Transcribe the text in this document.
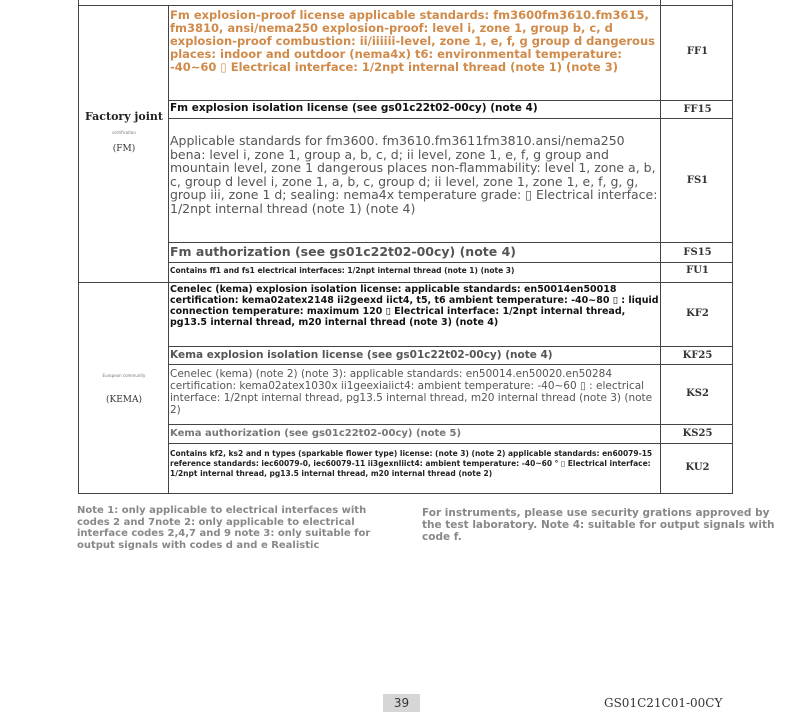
Factory joint
certification
(FM)
European community
(KEMA)
Fm explosion-proof license applicable standards: fm3600fm3610.fm3615, fm3810, ansi/nema250 explosion-proof: level i, zone 1, group b, c, d explosion-proof combustion: ii/iiiiii-level, zone 1, e, f, g group d dangerous places: indoor and outdoor (nema4x) t6: environmental temperature: -40~60 ▯ Electrical interface: 1/2npt internal thread (note 1) (note 3)
FF1
Fm explosion isolation license (see gs01c22t02-00cy) (note 4)	FF15
Applicable standards for fm3600. fm3610.fm3611fm3810.ansi/nema250 bena: level i, zone 1, group a, b, c, d; ii level, zone 1, e, f, g group and mountain level, zone 1 dangerous places non-flammability: level 1, zone a, b, c, group d level i, zone 1, a, b, c, group d; ii level, zone 1, zone 1, e, f, g, g, group iii, zone 1 d; sealing: nema4x temperature grade: ▯ Electrical interface: 1/2npt internal thread (note 1) (note 4)
FS1
Fm authorization (see gs01c22t02-00cy) (note 4)	FS15
Contains ff1 and fs1 electrical interfaces: 1/2npt internal thread (note 1) (note 3)	FU1
Cenelec (kema) explosion isolation license: applicable standards: en50014en50018 certification: kema02atex2148 ii2geexd iict4, t5, t6 ambient temperature: -40~80 ▯ : liquid connection temperature: maximum 120 ▯ Electrical interface: 1/2npt internal thread, pg13.5 internal thread, m20 internal thread (note 3) (note 4)
KF2
Kema explosion isolation license (see gs01c22t02-00cy) (note 4)	KF25
Cenelec (kema) (note 2) (note 3): applicable standards: en50014.en50020.en50284 certification: kema02atex1030x ii1geexiaiict4: ambient temperature: -40~60 ▯ : electrical interface: 1/2npt internal thread, pg13.5 internal thread, m20 internal thread (note 3) (note 2)
KS2
Kema authorization (see gs01c22t02-00cy) (note 5)	KS25
Contains kf2, ks2 and n types (sparkable flower type) license: (note 3) (note 2) applicable standards: en60079-15 reference standards: iec60079-0, iec60079-11 ii3gexnliict4: ambient temperature: -40~60 ° ▯ Electrical interface: 1/2npt internal thread, pg13.5 internal thread, m20 internal thread (note 2)
KU2
Note 1: only applicable to electrical interfaces with codes 2 and 7note 2: only applicable to electrical interface codes 2,4,7 and 9 note 3: only suitable for output signals with codes d and e Realistic
For instruments, please use security grations approved by the test laboratory. Note 4: suitable for output signals with code f.
39	GS01C21C01-00CY
